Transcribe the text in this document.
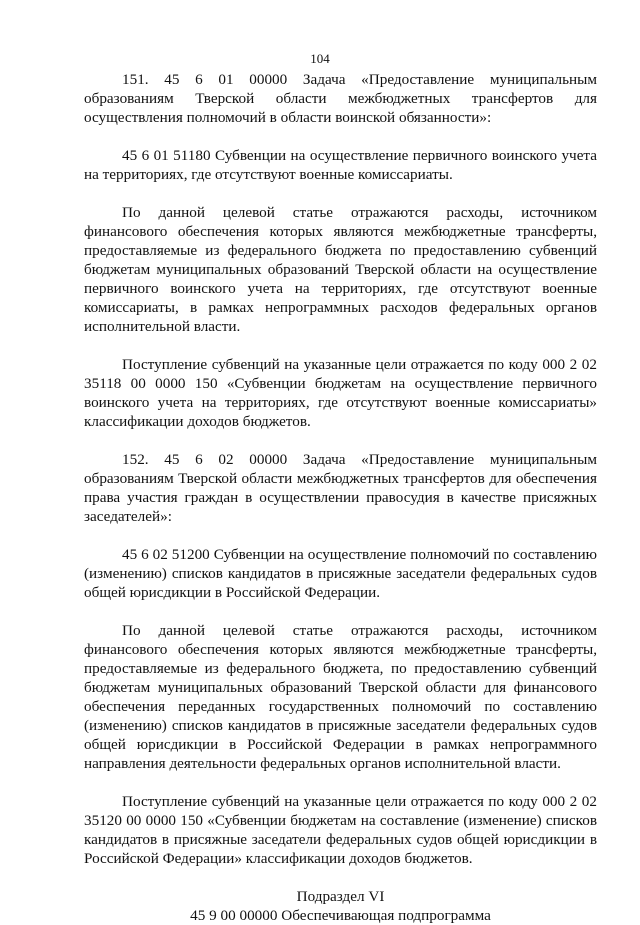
104

151. 45 6 01 00000 Задача «Предоставление муниципальным образованиям Тверской области межбюджетных трансфертов для осуществления полномочий в области воинской обязанности»:

45 6 01 51180 Субвенции на осуществление первичного воинского учета на территориях, где отсутствуют военные комиссариаты.

По данной целевой статье отражаются расходы, источником финансового обеспечения которых являются межбюджетные трансферты, предоставляемые из федерального бюджета по предоставлению субвенций бюджетам муниципальных образований Тверской области на осуществление первичного воинского учета на территориях, где отсутствуют военные комиссариаты, в рамках непрограммных расходов федеральных органов исполнительной власти.

Поступление субвенций на указанные цели отражается по коду 000 2 02 35118 00 0000 150 «Субвенции бюджетам на осуществление первичного воинского учета на территориях, где отсутствуют военные комиссариаты» классификации доходов бюджетов.

152. 45 6 02 00000 Задача «Предоставление муниципальным образованиям Тверской области межбюджетных трансфертов для обеспечения права участия граждан в осуществлении правосудия в качестве присяжных заседателей»:

45 6 02 51200 Субвенции на осуществление полномочий по составлению (изменению) списков кандидатов в присяжные заседатели федеральных судов общей юрисдикции в Российской Федерации.

По данной целевой статье отражаются расходы, источником финансового обеспечения которых являются межбюджетные трансферты, предоставляемые из федерального бюджета, по предоставлению субвенций бюджетам муниципальных образований Тверской области для финансового обеспечения переданных государственных полномочий по составлению (изменению) списков кандидатов в присяжные заседатели федеральных судов общей юрисдикции в Российской Федерации в рамках непрограммного направления деятельности федеральных органов исполнительной власти.

Поступление субвенций на указанные цели отражается по коду 000 2 02 35120 00 0000 150 «Субвенции бюджетам на составление (изменение) списков кандидатов в присяжные заседатели федеральных судов общей юрисдикции в Российской Федерации» классификации доходов бюджетов.

Подраздел VI

45 9 00 00000 Обеспечивающая подпрограмма
